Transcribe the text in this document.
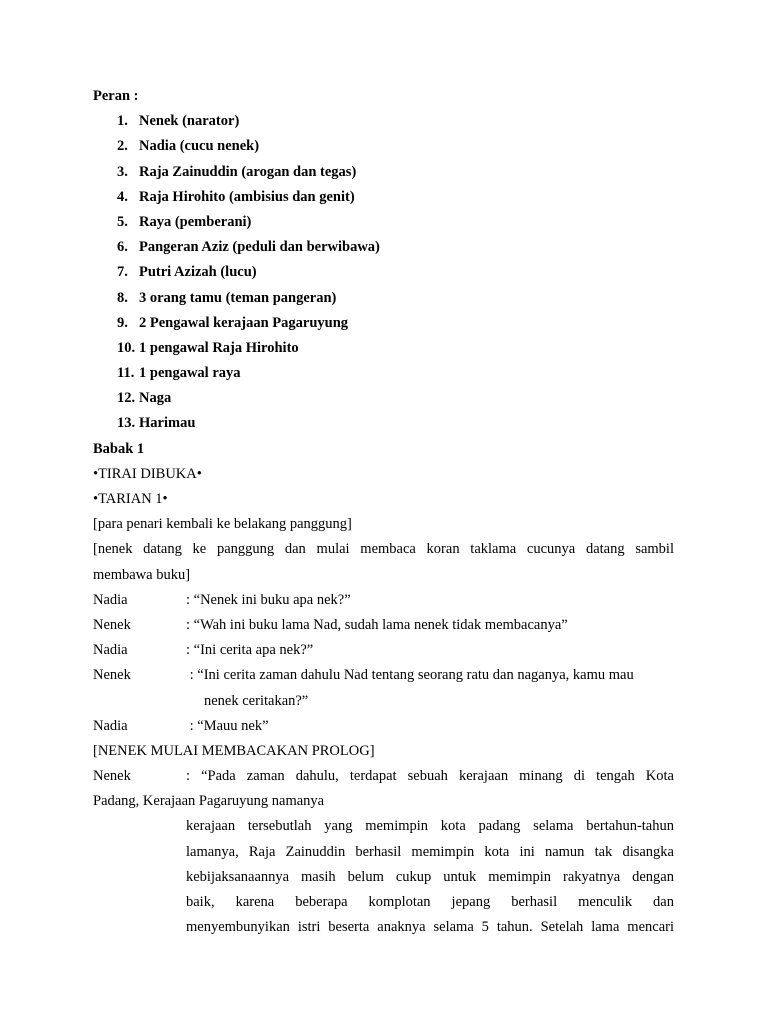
Peran :
1. Nenek (narator)
2. Nadia (cucu nenek)
3. Raja Zainuddin (arogan dan tegas)
4. Raja Hirohito (ambisius dan genit)
5. Raya (pemberani)
6. Pangeran Aziz (peduli dan berwibawa)
7. Putri Azizah (lucu)
8. 3 orang tamu (teman pangeran)
9. 2 Pengawal kerajaan Pagaruyung
10. 1 pengawal Raja Hirohito
11. 1 pengawal raya
12. Naga
13. Harimau
Babak 1
•TIRAI DIBUKA•
•TARIAN 1•
[para penari kembali ke belakang panggung]
[nenek datang ke panggung dan mulai membaca koran taklama cucunya datang sambil
membawa buku]
Nadia	: “Nenek ini buku apa nek?”
Nenek	: “Wah ini buku lama Nad, sudah lama nenek tidak membacanya”
Nadia	: “Ini cerita apa nek?”
Nenek	: “Ini cerita zaman dahulu Nad tentang seorang ratu dan naganya, kamu mau
nenek ceritakan?”
Nadia	: “Mauu nek”
[NENEK MULAI MEMBACAKAN PROLOG]
Nenek	: “Pada zaman dahulu, terdapat sebuah kerajaan minang di tengah Kota
Padang, Kerajaan Pagaruyung namanya
kerajaan tersebutlah yang memimpin kota padang selama bertahun-tahun
lamanya, Raja Zainuddin berhasil memimpin kota ini namun tak disangka
kebijaksanaannya masih belum cukup untuk memimpin rakyatnya dengan
baik, karena beberapa komplotan jepang berhasil menculik dan
menyembunyikan istri beserta anaknya selama 5 tahun. Setelah lama mencari
